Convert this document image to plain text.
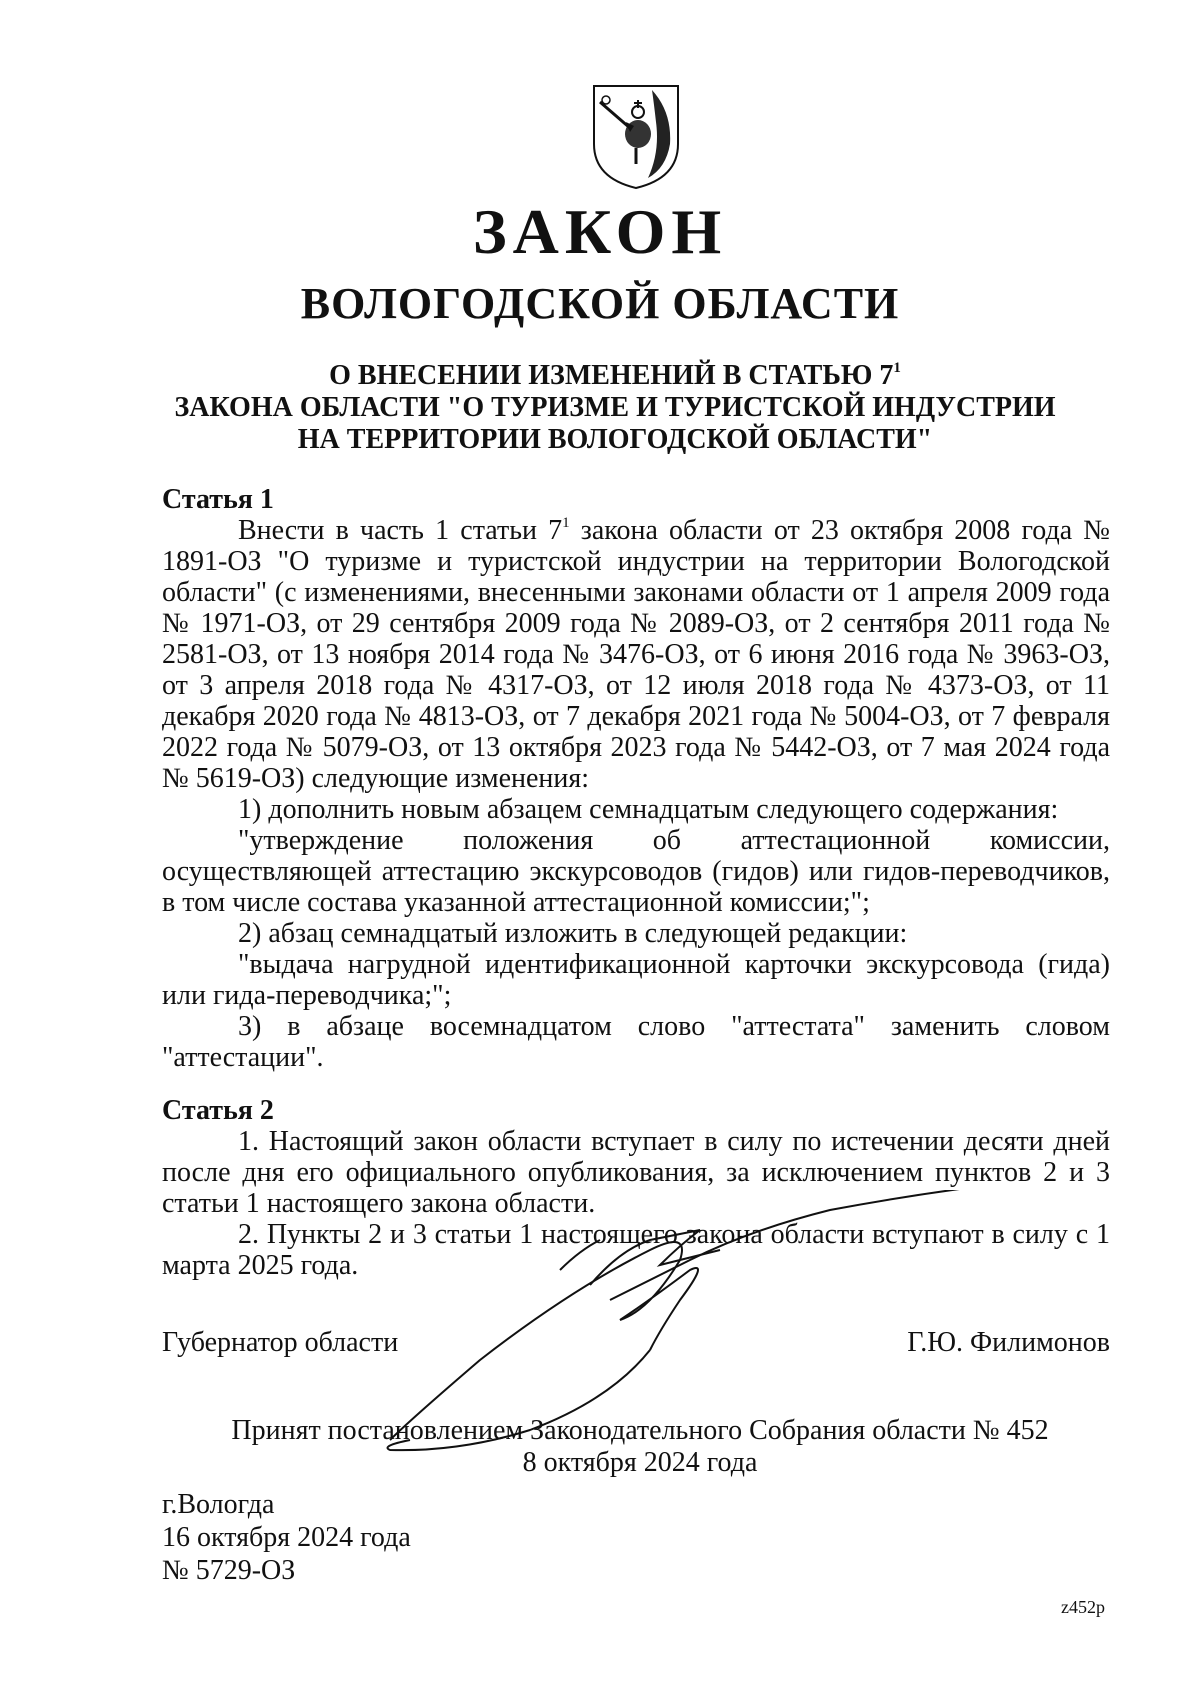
ЗАКОН
ВОЛОГОДСКОЙ ОБЛАСТИ
О ВНЕСЕНИИ ИЗМЕНЕНИЙ В СТАТЬЮ $7^1$
ЗАКОНА ОБЛАСТИ "О ТУРИЗМЕ И ТУРИСТСКОЙ ИНДУСТРИИ
НА ТЕРРИТОРИИ ВОЛОГОДСКОЙ ОБЛАСТИ"

Статья 1

Внести в часть 1 статьи $7^1$ закона области от 23 октября 2008 года № 1891-ОЗ "О туризме и туристской индустрии на территории Вологодской области" (с изменениями, внесенными законами области от 1 апреля 2009 года № 1971-ОЗ, от 29 сентября 2009 года № 2089-ОЗ, от 2 сентября 2011 года № 2581-ОЗ, от 13 ноября 2014 года № 3476-ОЗ, от 6 июня 2016 года № 3963-ОЗ, от 3 апреля 2018 года № 4317-ОЗ, от 12 июля 2018 года № 4373-ОЗ, от 11 декабря 2020 года № 4813-ОЗ, от 7 декабря 2021 года № 5004-ОЗ, от 7 февраля 2022 года № 5079-ОЗ, от 13 октября 2023 года № 5442-ОЗ, от 7 мая 2024 года № 5619-ОЗ) следующие изменения:

1) дополнить новым абзацем семнадцатым следующего содержания:

"утверждение положения об аттестационной комиссии, осуществляющей аттестацию экскурсоводов (гидов) или гидов-переводчиков, в том числе состава указанной аттестационной комиссии;";

2) абзац семнадцатый изложить в следующей редакции:

"выдача нагрудной идентификационной карточки экскурсовода (гида) или гида-переводчика;";

3) в абзаце восемнадцатом слово "аттестата" заменить словом "аттестации".

Статья 2

1. Настоящий закон области вступает в силу по истечении десяти дней после дня его официального опубликования, за исключением пунктов 2 и 3 статьи 1 настоящего закона области.

2. Пункты 2 и 3 статьи 1 настоящего закона области вступают в силу с 1 марта 2025 года.

Губернатор области	Г.Ю. Филимонов
Принят постановлением Законодательного Собрания области № 452
8 октября 2024 года
г.Вологда
16 октября 2024 года
№ 5729-ОЗ
z452p
